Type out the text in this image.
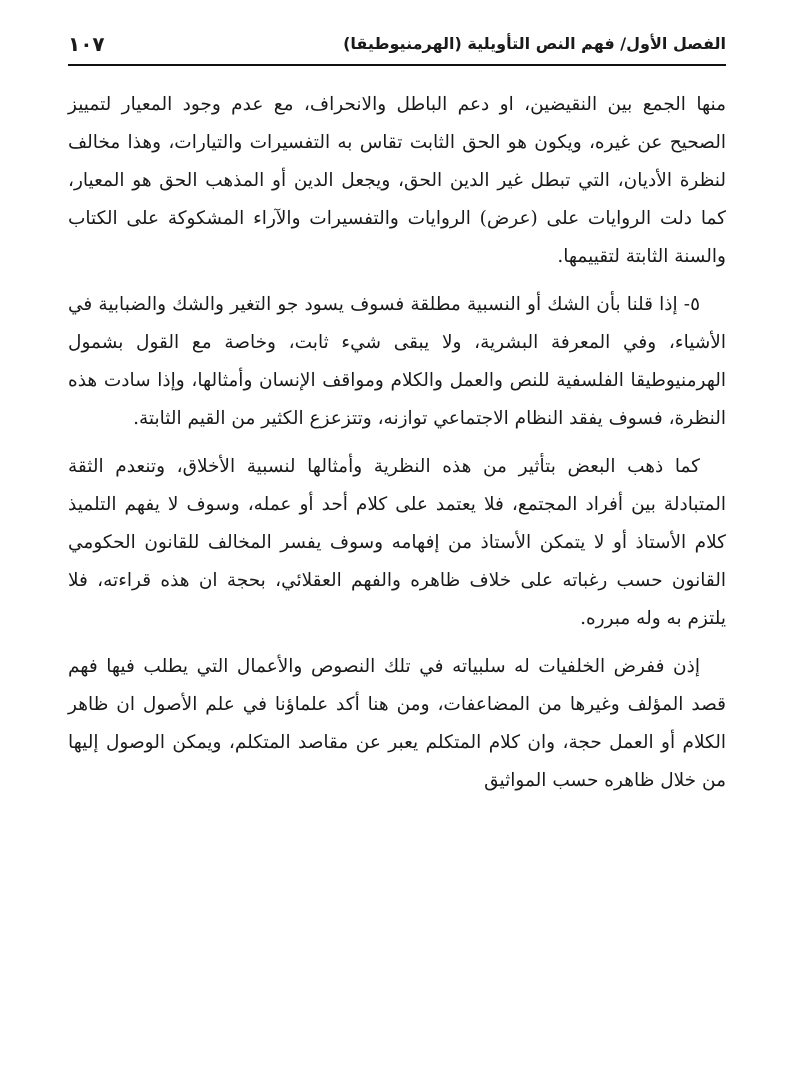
الفصل الأول/ فهم النص التأويلية (الهرمنيوطيقا)
١٠٧

منها الجمع بين النقيضين، او دعم الباطل والانحراف، مع عدم وجود المعيار لتمييز الصحيح عن غيره، ويكون هو الحق الثابت تقاس به التفسيرات والتيارات، وهذا مخالف لنظرة الأديان، التي تبطل غير الدين الحق، ويجعل الدين أو المذهب الحق هو المعيار، كما دلت الروايات على (عرض) الروايات والتفسيرات والآراء المشكوكة على الكتاب والسنة الثابتة لتقييمها.

٥- إذا قلنا بأن الشك أو النسبية مطلقة فسوف يسود جو التغير والشك والضبابية في الأشياء، وفي المعرفة البشرية، ولا يبقى شيء ثابت، وخاصة مع القول بشمول الهرمنيوطيقا الفلسفية للنص والعمل والكلام ومواقف الإنسان وأمثالها، وإذا سادت هذه النظرة، فسوف يفقد النظام الاجتماعي توازنه، وتتزعزع الكثير من القيم الثابتة.

كما ذهب البعض بتأثير من هذه النظرية وأمثالها لنسبية الأخلاق، وتنعدم الثقة المتبادلة بين أفراد المجتمع، فلا يعتمد على كلام أحد أو عمله، وسوف لا يفهم التلميذ كلام الأستاذ أو لا يتمكن الأستاذ من إفهامه وسوف يفسر المخالف للقانون الحكومي القانون حسب رغباته على خلاف ظاهره والفهم العقلائي، بحجة ان هذه قراءته، فلا يلتزم به وله مبرره.

إذن ففرض الخلفيات له سلبياته في تلك النصوص والأعمال التي يطلب فيها فهم قصد المؤلف وغيرها من المضاعفات، ومن هنا أكد علماؤنا في علم الأصول ان ظاهر الكلام أو العمل حجة، وان كلام المتكلم يعبر عن مقاصد المتكلم، ويمكن الوصول إليها من خلال ظاهره حسب المواثيق
